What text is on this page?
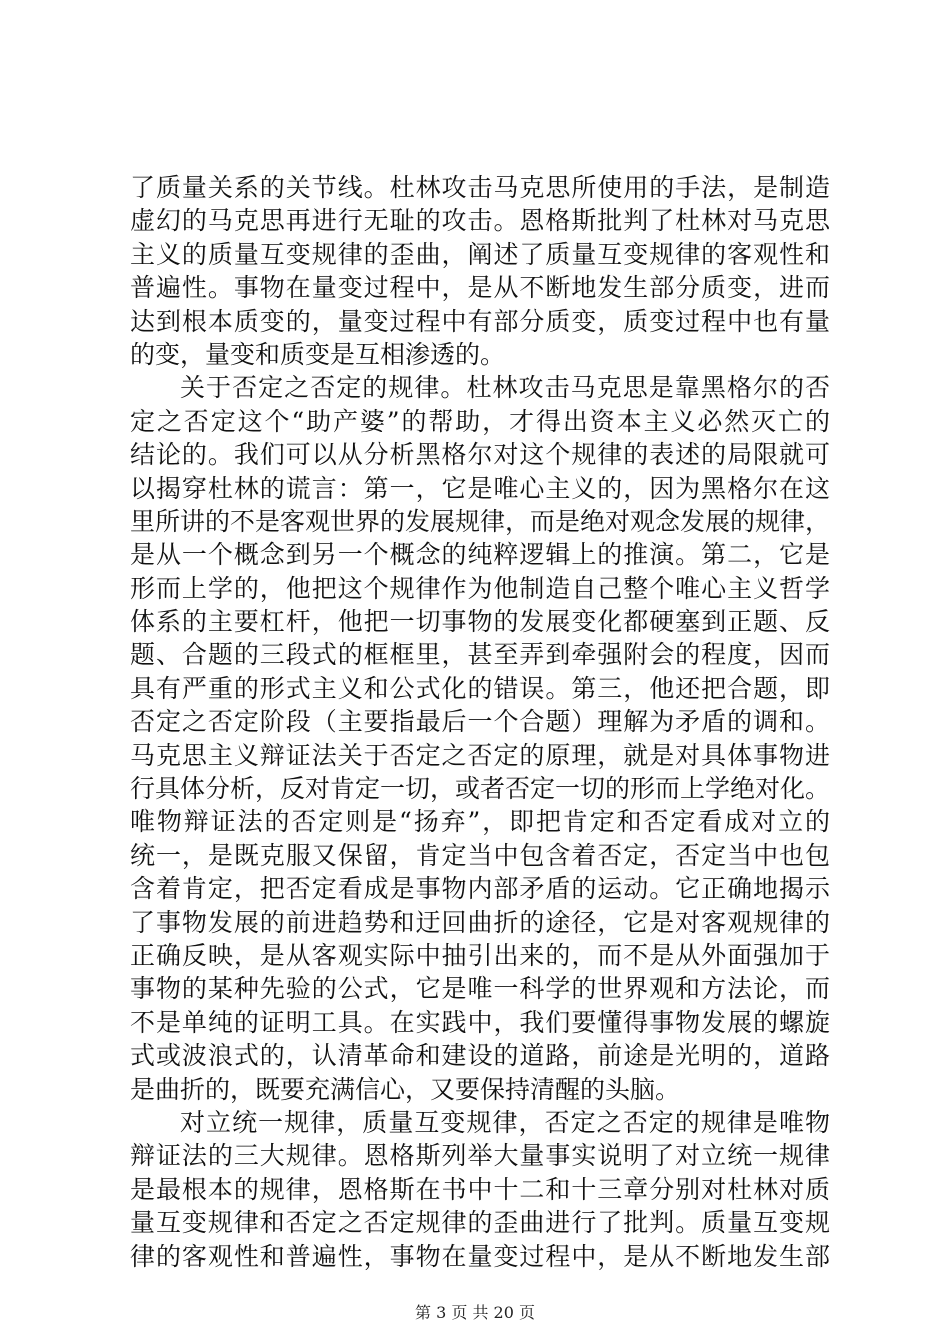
了质量关系的关节线。杜林攻击马克思所使用的手法，是制造
虚幻的马克思再进行无耻的攻击。恩格斯批判了杜林对马克思
主义的质量互变规律的歪曲，阐述了质量互变规律的客观性和
普遍性。事物在量变过程中，是从不断地发生部分质变，进而
达到根本质变的，量变过程中有部分质变，质变过程中也有量
的变，量变和质变是互相渗透的。
关于否定之否定的规律。杜林攻击马克思是靠黑格尔的否
定之否定这个“助产婆”的帮助，才得出资本主义必然灭亡的
结论的。我们可以从分析黑格尔对这个规律的表述的局限就可
以揭穿杜林的谎言：第一，它是唯心主义的，因为黑格尔在这
里所讲的不是客观世界的发展规律，而是绝对观念发展的规律，
是从一个概念到另一个概念的纯粹逻辑上的推演。第二，它是
形而上学的，他把这个规律作为他制造自己整个唯心主义哲学
体系的主要杠杆，他把一切事物的发展变化都硬塞到正题、反
题、合题的三段式的框框里，甚至弄到牵强附会的程度，因而
具有严重的形式主义和公式化的错误。第三，他还把合题，即
否定之否定阶段（主要指最后一个合题）理解为矛盾的调和。
马克思主义辩证法关于否定之否定的原理，就是对具体事物进
行具体分析，反对肯定一切，或者否定一切的形而上学绝对化。
唯物辩证法的否定则是“扬弃”，即把肯定和否定看成对立的
统一，是既克服又保留，肯定当中包含着否定，否定当中也包
含着肯定，把否定看成是事物内部矛盾的运动。它正确地揭示
了事物发展的前进趋势和迂回曲折的途径，它是对客观规律的
正确反映，是从客观实际中抽引出来的，而不是从外面强加于
事物的某种先验的公式，它是唯一科学的世界观和方法论，而
不是单纯的证明工具。在实践中，我们要懂得事物发展的螺旋
式或波浪式的，认清革命和建设的道路，前途是光明的，道路
是曲折的，既要充满信心，又要保持清醒的头脑。
对立统一规律，质量互变规律，否定之否定的规律是唯物
辩证法的三大规律。恩格斯列举大量事实说明了对立统一规律
是最根本的规律，恩格斯在书中十二和十三章分别对杜林对质
量互变规律和否定之否定规律的歪曲进行了批判。质量互变规
律的客观性和普遍性，事物在量变过程中，是从不断地发生部
第 3 页 共 20 页
